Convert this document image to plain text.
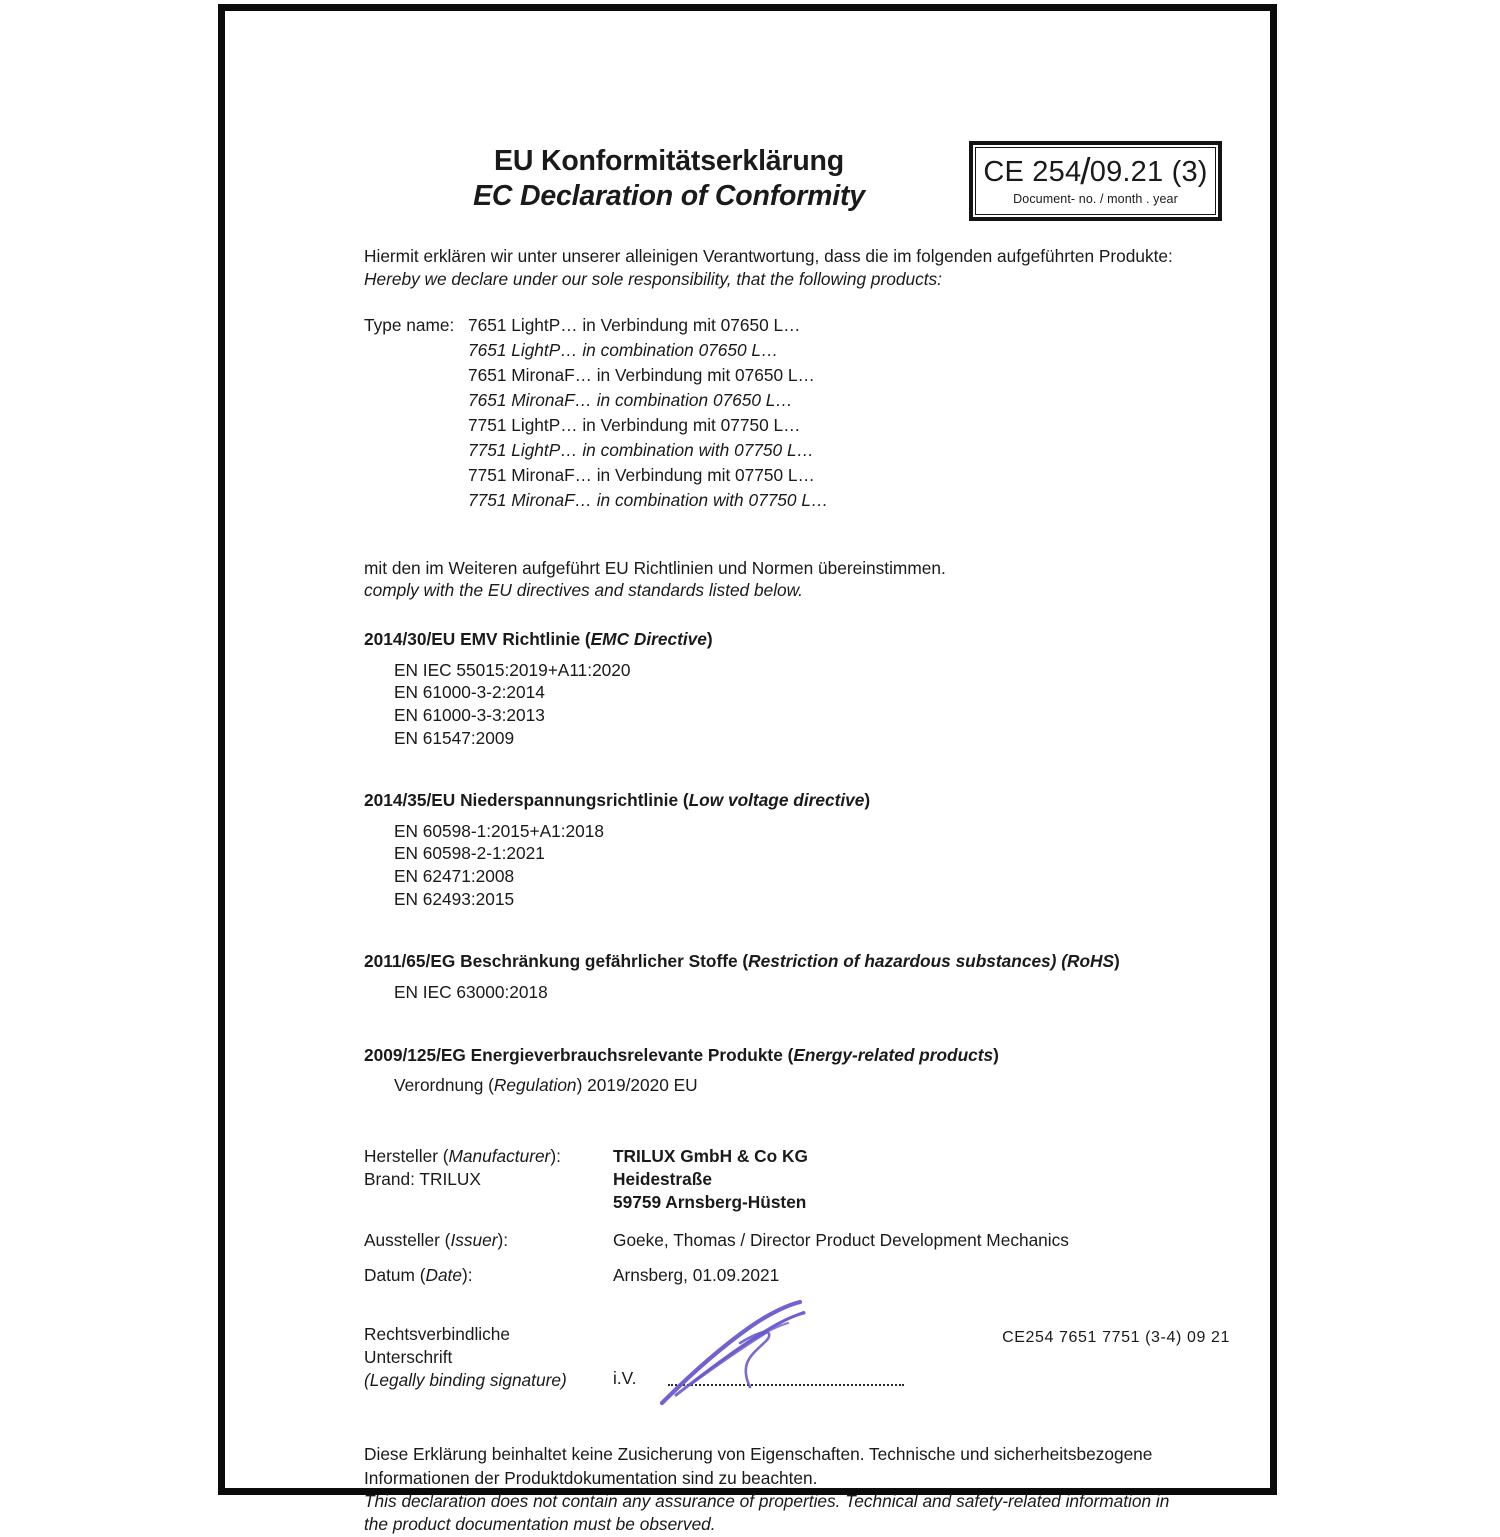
EU Konformitätserklärung
EC Declaration of Conformity
CE 254/09.21 (3)
Document- no. / month . year
Hiermit erklären wir unter unserer alleinigen Verantwortung, dass die im folgenden aufgeführten Produkte:
Hereby we declare under our sole responsibility, that the following products:
Type name: 7651 LightP… in Verbindung mit 07650 L…
7651 LightP… in combination 07650 L…
7651 MironaF… in Verbindung mit 07650 L…
7651 MironaF… in combination 07650 L…
7751 LightP… in Verbindung mit 07750 L…
7751 LightP… in combination with 07750 L…
7751 MironaF… in Verbindung mit 07750 L…
7751 MironaF… in combination with 07750 L…
mit den im Weiteren aufgeführt EU Richtlinien und Normen übereinstimmen.
comply with the EU directives and standards listed below.
2014/30/EU EMV Richtlinie (EMC Directive)
EN IEC 55015:2019+A11:2020
EN 61000-3-2:2014
EN 61000-3-3:2013
EN 61547:2009
2014/35/EU Niederspannungsrichtlinie (Low voltage directive)
EN 60598-1:2015+A1:2018
EN 60598-2-1:2021
EN 62471:2008
EN 62493:2015
2011/65/EG Beschränkung gefährlicher Stoffe (Restriction of hazardous substances) (RoHS)
EN IEC 63000:2018
2009/125/EG Energieverbrauchsrelevante Produkte (Energy-related products)
Verordnung (Regulation) 2019/2020 EU
Hersteller (Manufacturer):	TRILUX GmbH & Co KG
Brand: TRILUX	Heidestraße
59759 Arnsberg-Hüsten
Aussteller (Issuer):	Goeke, Thomas / Director Product Development Mechanics
Datum (Date):	Arnsberg, 01.09.2021
Rechtsverbindliche
Unterschrift
(Legally binding signature)	i.V.
Diese Erklärung beinhaltet keine Zusicherung von Eigenschaften. Technische und sicherheitsbezogene
Informationen der Produktdokumentation sind zu beachten.
This declaration does not contain any assurance of properties. Technical and safety-related information in
the product documentation must be observed.
CE254 7651 7751 (3-4) 09 21
